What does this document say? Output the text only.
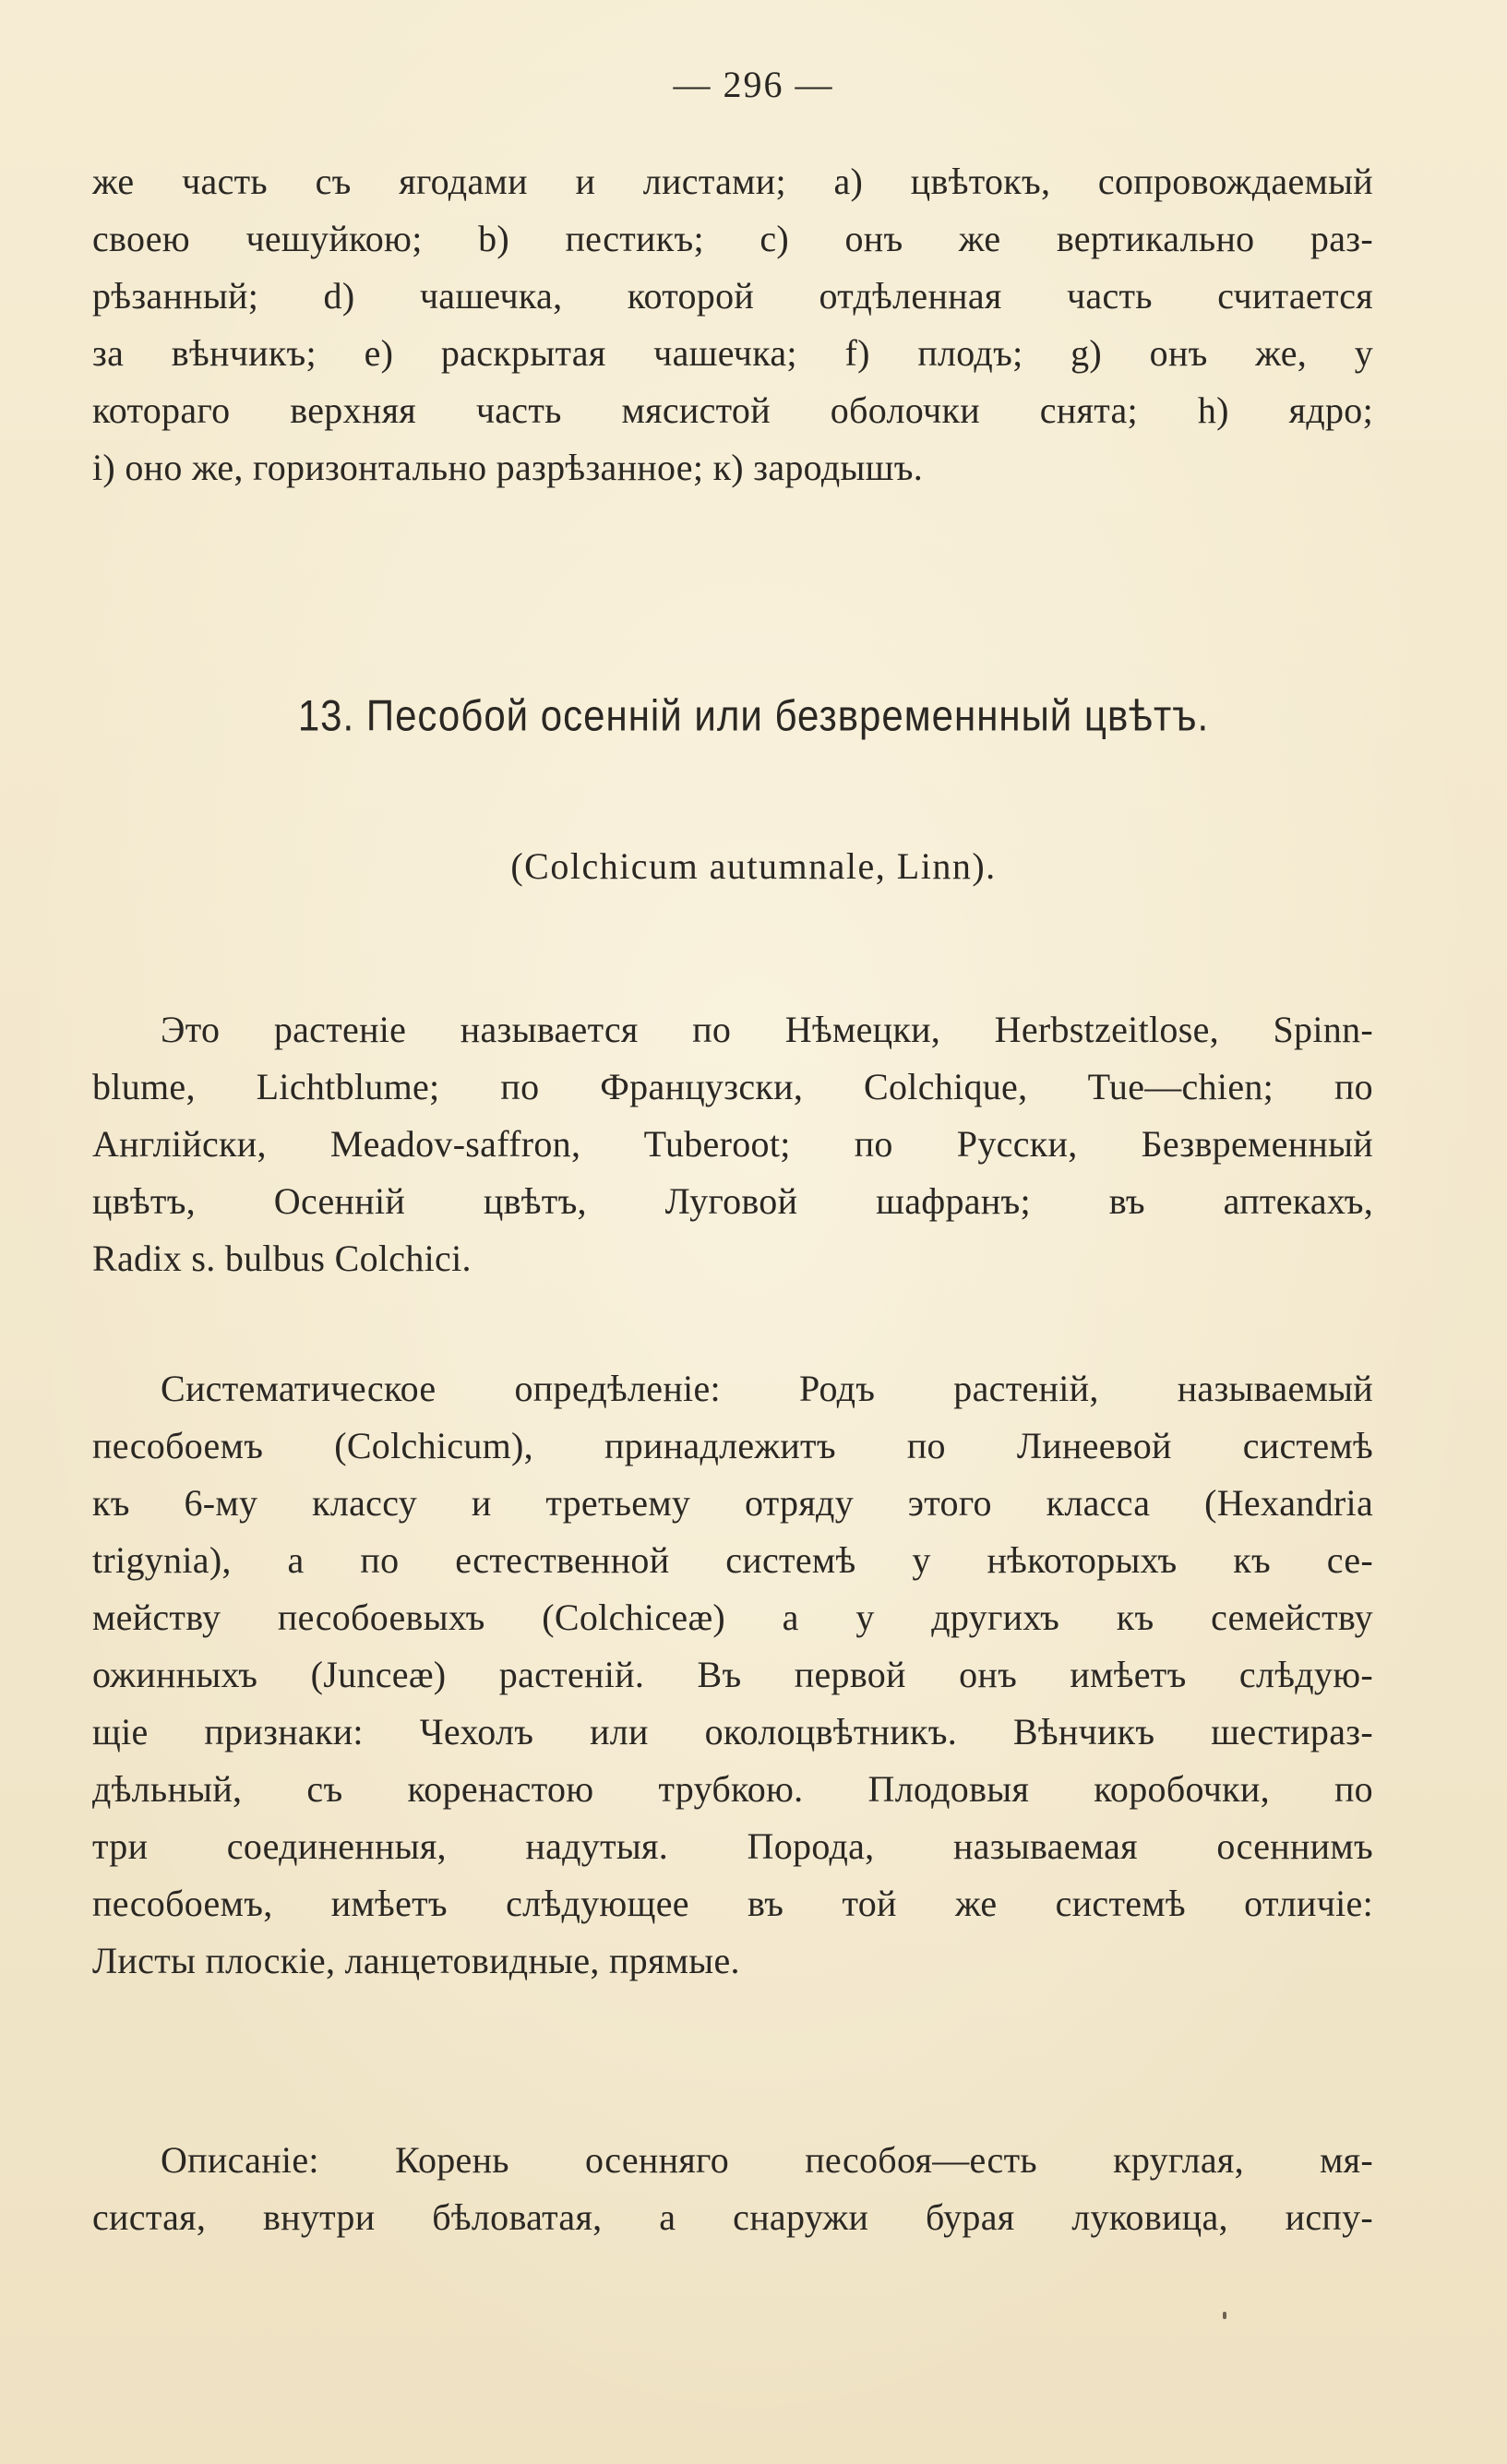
— 296 —
же часть съ ягодами и листами; а) цвѣтокъ, сопровождаемый
своею чешуйкою; b) пестикъ; с) онъ же вертикально раз-
рѣзанный; d) чашечка, которой отдѣленная часть считается
за вѣнчикъ; е) раскрытая чашечка; f) плодъ; g) онъ же, у
котораго верхняя часть мясистой оболочки снята; h) ядро;
i) оно же, горизонтально разрѣзанное; к) зародышъ.
13. Песобой осенній или безвременнный цвѣтъ.
(Colchicum autumnale, Linn).
Это растеніе называется по Нѣмецки, Herbstzeitlose, Spinn-
blume, Lichtblume; по Французски, Colchique, Tue—chien; по
Англійски, Meadov-saffron, Tuberoot; по Русски, Безвременный
цвѣтъ, Осенній цвѣтъ, Луговой шафранъ; въ аптекахъ,
Radix s. bulbus Colchici.
Систематическое опредѣленіе: Родъ растеній, называемый
песобоемъ (Colchicum), принадлежитъ по Линеевой системѣ
къ 6-му классу и третьему отряду этого класса (Hexandria
trigynia), а по естественной системѣ у нѣкоторыхъ къ се-
мейству песобоевыхъ (Colchiceæ) а у другихъ къ семейству
ожинныхъ (Junceæ) растеній. Въ первой онъ имѣетъ слѣдую-
щіе признаки: Чехолъ или околоцвѣтникъ. Вѣнчикъ шестираз-
дѣльный, съ коренастою трубкою. Плодовыя коробочки, по
три соединенныя, надутыя. Порода, называемая осеннимъ
песобоемъ, имѣетъ слѣдующее въ той же системѣ отличіе:
Листы плоскіе, ланцетовидные, прямые.
Описаніе: Корень осенняго песобоя—есть круглая, мя-
систая, внутри бѣловатая, а снаружи бурая луковица, испу-
